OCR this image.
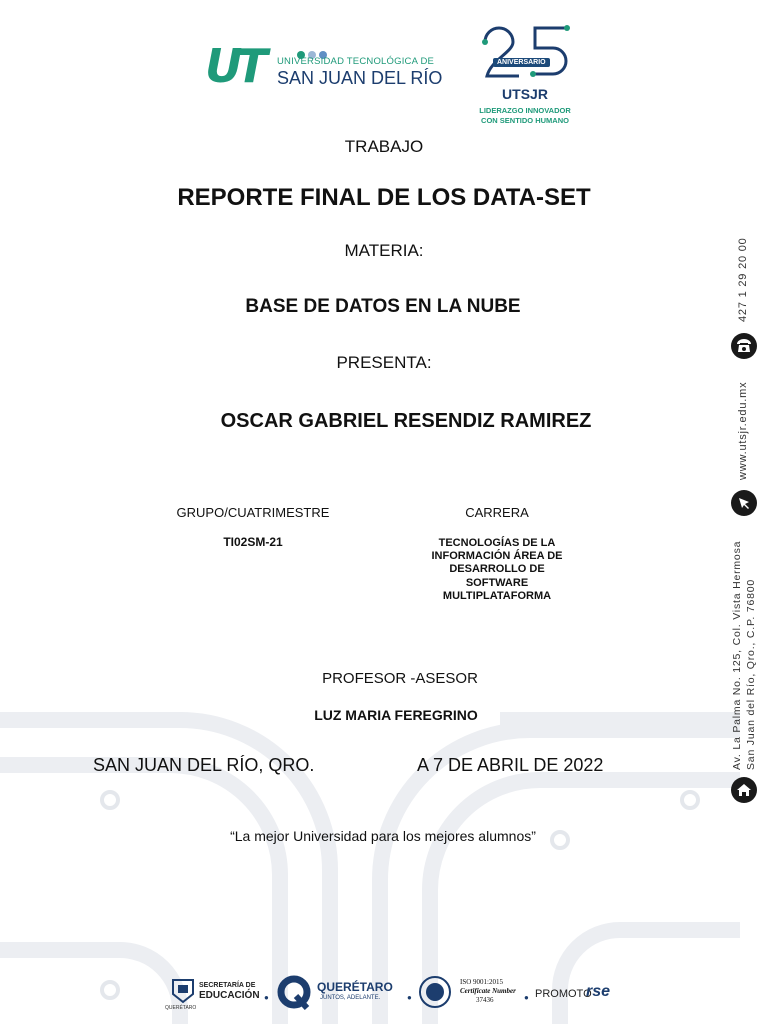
UT UNIVERSIDAD TECNOLÓGICA DE
SAN JUAN DEL RÍO
ANIVERSARIO
UTSJR
LIDERAZGO INNOVADOR
CON SENTIDO HUMANO
TRABAJO
REPORTE FINAL DE LOS DATA-SET
MATERIA:
BASE DE DATOS EN LA NUBE
PRESENTA:
OSCAR GABRIEL RESENDIZ RAMIREZ
GRUPO/CUATRIMESTRE
TI02SM-21
CARRERA
TECNOLOGÍAS DE LA
INFORMACIÓN ÁREA DE
DESARROLLO DE
SOFTWARE
MULTIPLATAFORMA
PROFESOR -ASESOR
LUZ MARIA FEREGRINO
SAN JUAN DEL RÍO, QRO.	A 7 DE ABRIL DE 2022
“La mejor Universidad para los mejores alumnos”
427 1 29 20 00
www.utsjr.edu.mx
Av. La Palma No. 125, Col. Vista Hermosa San Juan del Río, Qro., C.P. 76800
QUERÉTARO
SECRETARÍA DE
EDUCACIÓN ●
QUERÉTARO
JUNTOS, ADELANTE.	●
ISO 9001:2015
Certificate Number
37436	● PROMOTO
rse
